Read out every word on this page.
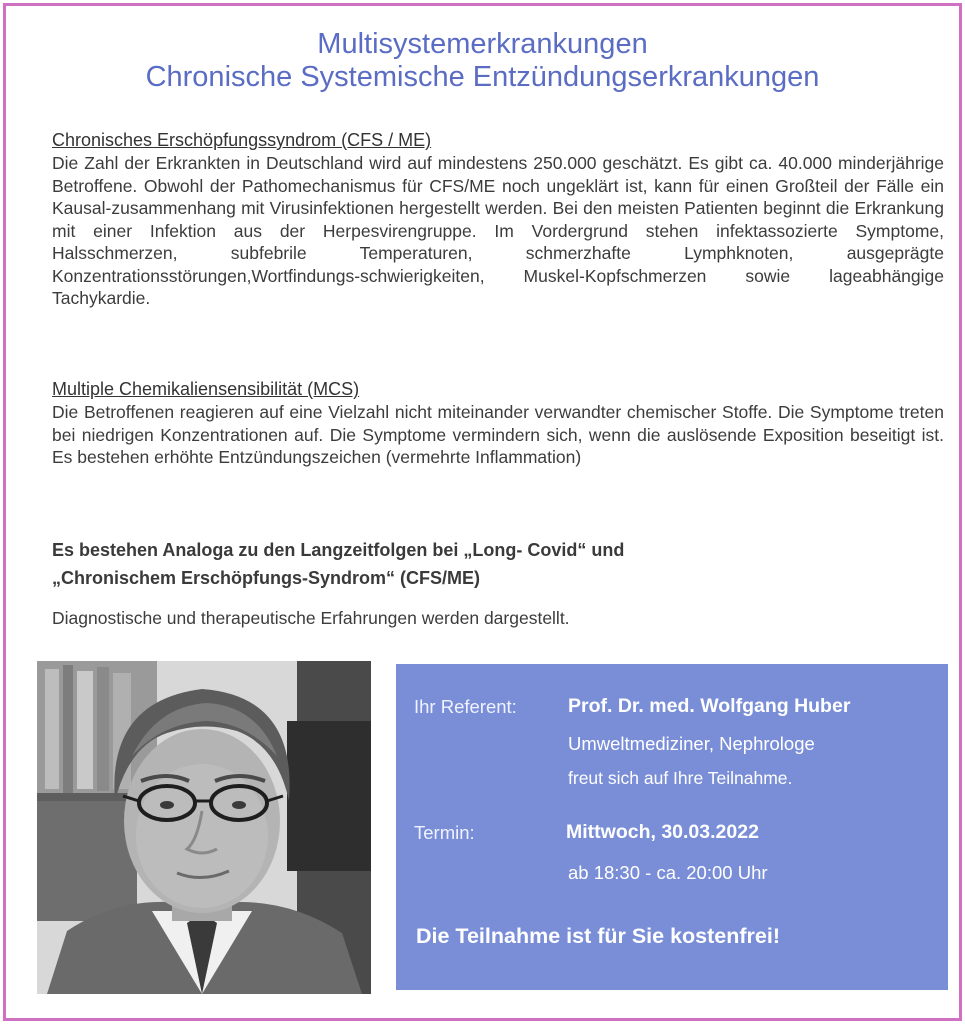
Multisystemerkrankungen
Chronische Systemische Entzündungserkrankungen
Chronisches Erschöpfungssyndrom (CFS / ME)

Die Zahl der Erkrankten in Deutschland wird auf mindestens 250.000 geschätzt. Es gibt ca. 40.000 minderjährige Betroffene. Obwohl der Pathomechanismus für CFS/ME noch ungeklärt ist, kann für einen Großteil der Fälle ein Kausal-zusammenhang mit Virusinfektionen hergestellt werden. Bei den meisten Patienten beginnt die Erkrankung mit einer Infektion aus der Herpesvirengruppe. Im Vordergrund stehen infektassozierte Symptome, Halsschmerzen, subfebrile Temperaturen, schmerzhafte Lymphknoten, ausgeprägte Konzentrationsstörungen,Wortfindungs-schwierigkeiten, Muskel-Kopfschmerzen sowie lageabhängige Tachykardie.

Multiple Chemikaliensensibilität (MCS)

Die Betroffenen reagieren auf eine Vielzahl nicht miteinander verwandter chemischer Stoffe. Die Symptome treten bei niedrigen Konzentrationen auf. Die Symptome vermindern sich, wenn die auslösende Exposition beseitigt ist. Es bestehen erhöhte Entzündungszeichen (vermehrte Inflammation)

Es bestehen Analoga zu den Langzeitfolgen bei „Long- Covid“ und
„Chronischem Erschöpfungs-Syndrom“ (CFS/ME)
Diagnostische und therapeutische Erfahrungen werden dargestellt.
Ihr Referent:	Prof. Dr. med. Wolfgang Huber
Umweltmediziner, Nephrologe
freut sich auf Ihre Teilnahme.
Termin:	Mittwoch, 30.03.2022
ab 18:30 - ca. 20:00 Uhr
Die Teilnahme ist für Sie kostenfrei!
